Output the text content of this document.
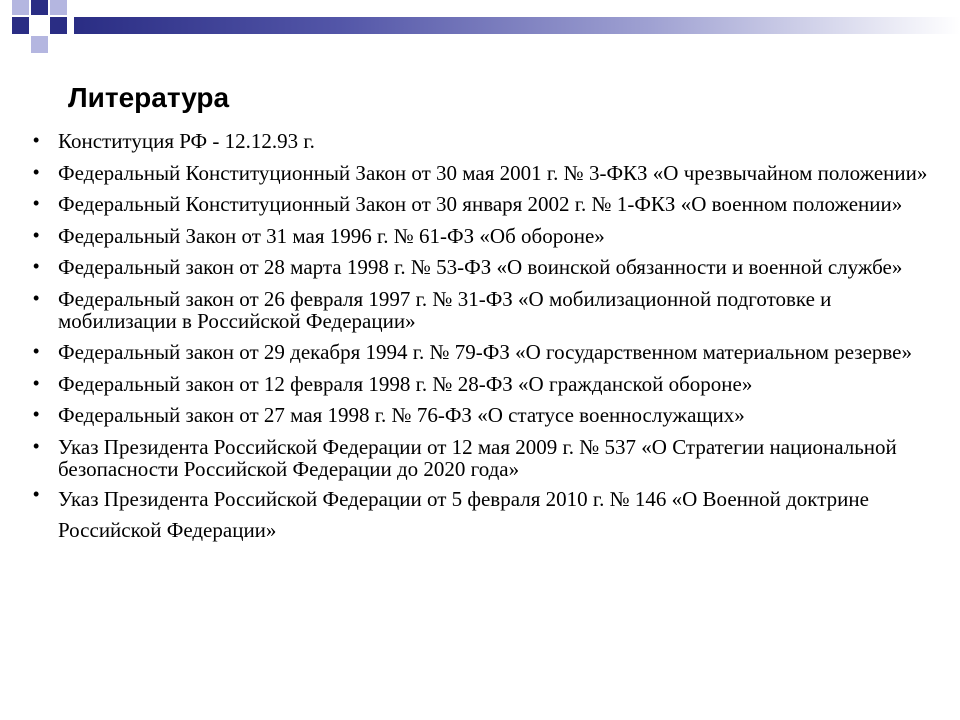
Литература
• Конституция РФ - 12.12.93 г.
• Федеральный Конституционный Закон от 30 мая 2001 г. № 3-ФКЗ «О чрезвычайном положении»
• Федеральный Конституционный Закон от 30 января 2002 г. № 1-ФКЗ «О военном положении»
• Федеральный Закон от 31 мая 1996 г. № 61-ФЗ «Об обороне»
• Федеральный закон от 28 марта 1998 г. № 53-ФЗ «О воинской обязанности и военной службе»
• Федеральный закон от 26 февраля 1997 г. № 31-ФЗ «О мобилизационной подготовке и мобилизации в Российской Федерации»
• Федеральный закон от 29 декабря 1994 г. № 79-ФЗ «О государственном материальном резерве»
• Федеральный закон от 12 февраля 1998 г. № 28-ФЗ «О гражданской обороне»
• Федеральный закон от 27 мая 1998 г. № 76-ФЗ «О статусе военнослужащих»
• Указ Президента Российской Федерации от 12 мая 2009 г. № 537 «О Стратегии национальной безопасности Российской Федерации до 2020 года»
• Указ Президента Российской Федерации от 5 февраля 2010 г. № 146 «О Военной доктрине Российской Федерации»
